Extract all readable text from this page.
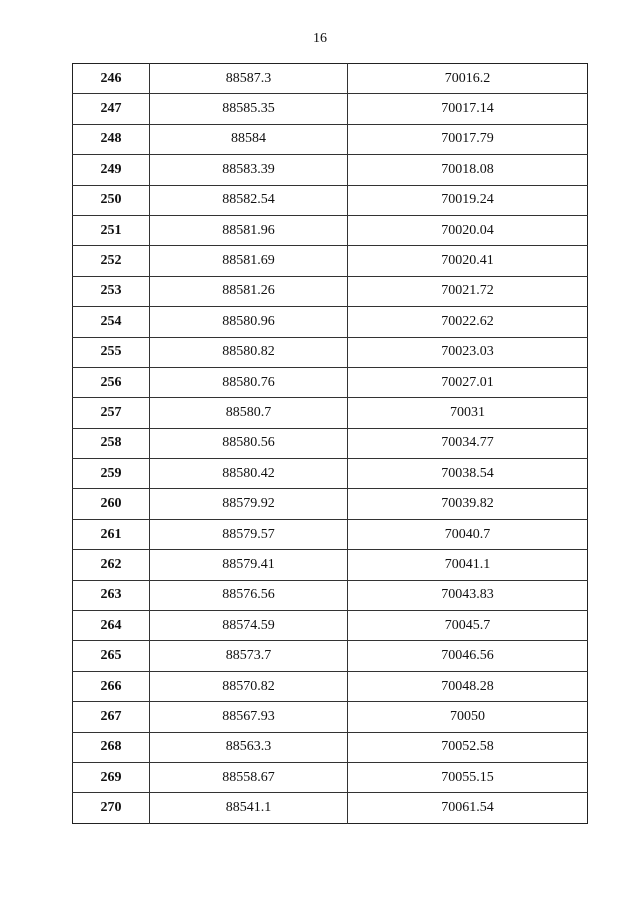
16
246	88587.3	70016.2
247	88585.35	70017.14
248	88584	70017.79
249	88583.39	70018.08
250	88582.54	70019.24
251	88581.96	70020.04
252	88581.69	70020.41
253	88581.26	70021.72
254	88580.96	70022.62
255	88580.82	70023.03
256	88580.76	70027.01
257	88580.7	70031
258	88580.56	70034.77
259	88580.42	70038.54
260	88579.92	70039.82
261	88579.57	70040.7
262	88579.41	70041.1
263	88576.56	70043.83
264	88574.59	70045.7
265	88573.7	70046.56
266	88570.82	70048.28
267	88567.93	70050
268	88563.3	70052.58
269	88558.67	70055.15
270	88541.1	70061.54
